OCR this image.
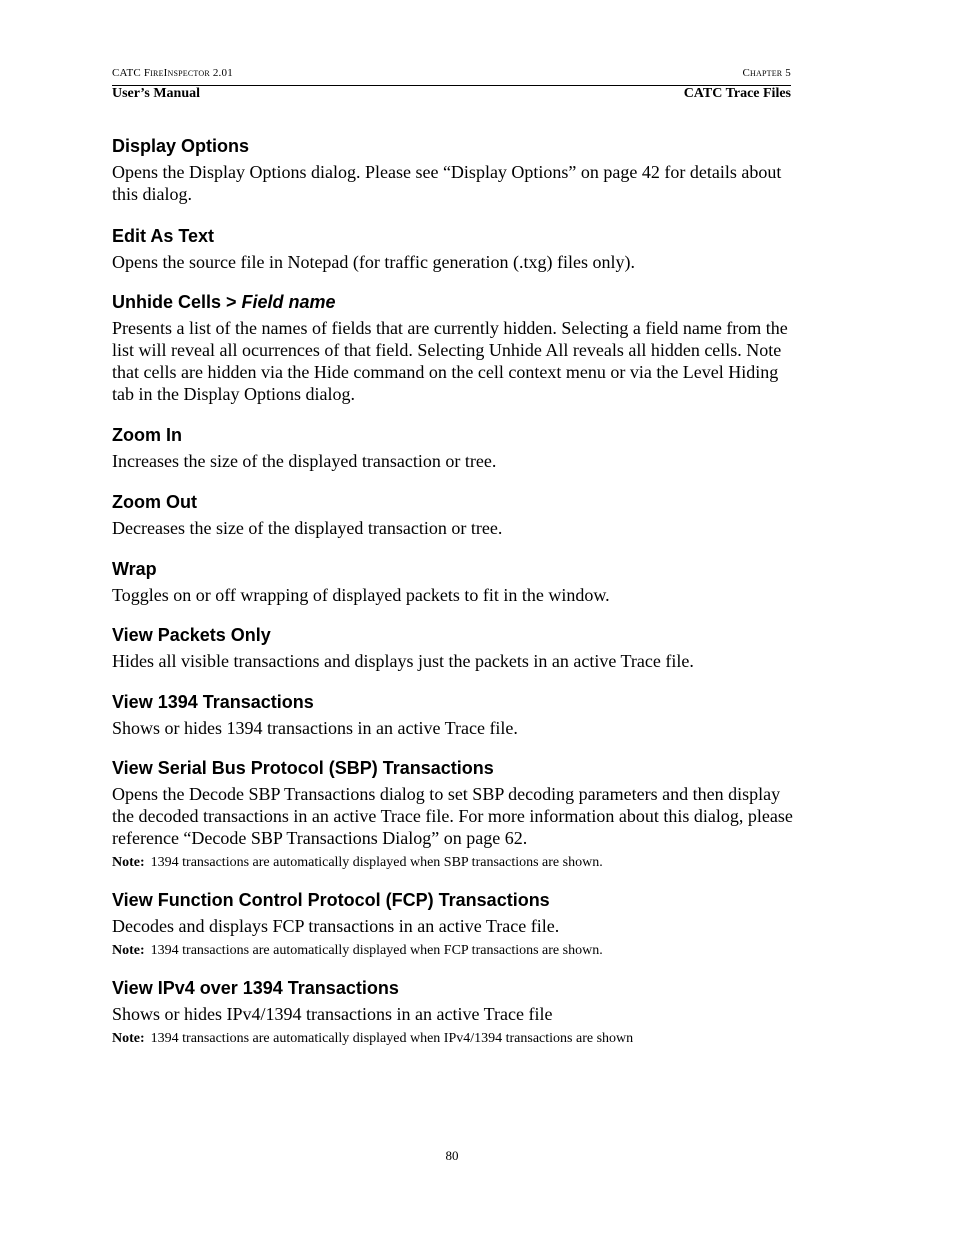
CATC FireInspector 2.01	Chapter 5
User’s Manual	CATC Trace Files
Display Options

Opens the Display Options dialog. Please see “Display Options” on page 42 for details about this dialog.

Edit As Text

Opens the source file in Notepad (for traffic generation (.txg) files only).

Unhide Cells > Field name

Presents a list of the names of fields that are currently hidden. Selecting a field name from the list will reveal all ocurrences of that field. Selecting Unhide All reveals all hidden cells. Note that cells are hidden via the Hide command on the cell context menu or via the Level Hiding tab in the Display Options dialog.

Zoom In

Increases the size of the displayed transaction or tree.

Zoom Out

Decreases the size of the displayed transaction or tree.

Wrap

Toggles on or off wrapping of displayed packets to fit in the window.

View Packets Only

Hides all visible transactions and displays just the packets in an active Trace file.

View 1394 Transactions

Shows or hides 1394 transactions in an active Trace file.

View Serial Bus Protocol (SBP) Transactions

Opens the Decode SBP Transactions dialog to set SBP decoding parameters and then display the decoded transactions in an active Trace file. For more information about this dialog, please reference “Decode SBP Transactions Dialog” on page 62.

Note: 1394 transactions are automatically displayed when SBP transactions are shown.

View Function Control Protocol (FCP) Transactions

Decodes and displays FCP transactions in an active Trace file.

Note: 1394 transactions are automatically displayed when FCP transactions are shown.

View IPv4 over 1394 Transactions

Shows or hides IPv4/1394 transactions in an active Trace file

Note: 1394 transactions are automatically displayed when IPv4/1394 transactions are shown

80
